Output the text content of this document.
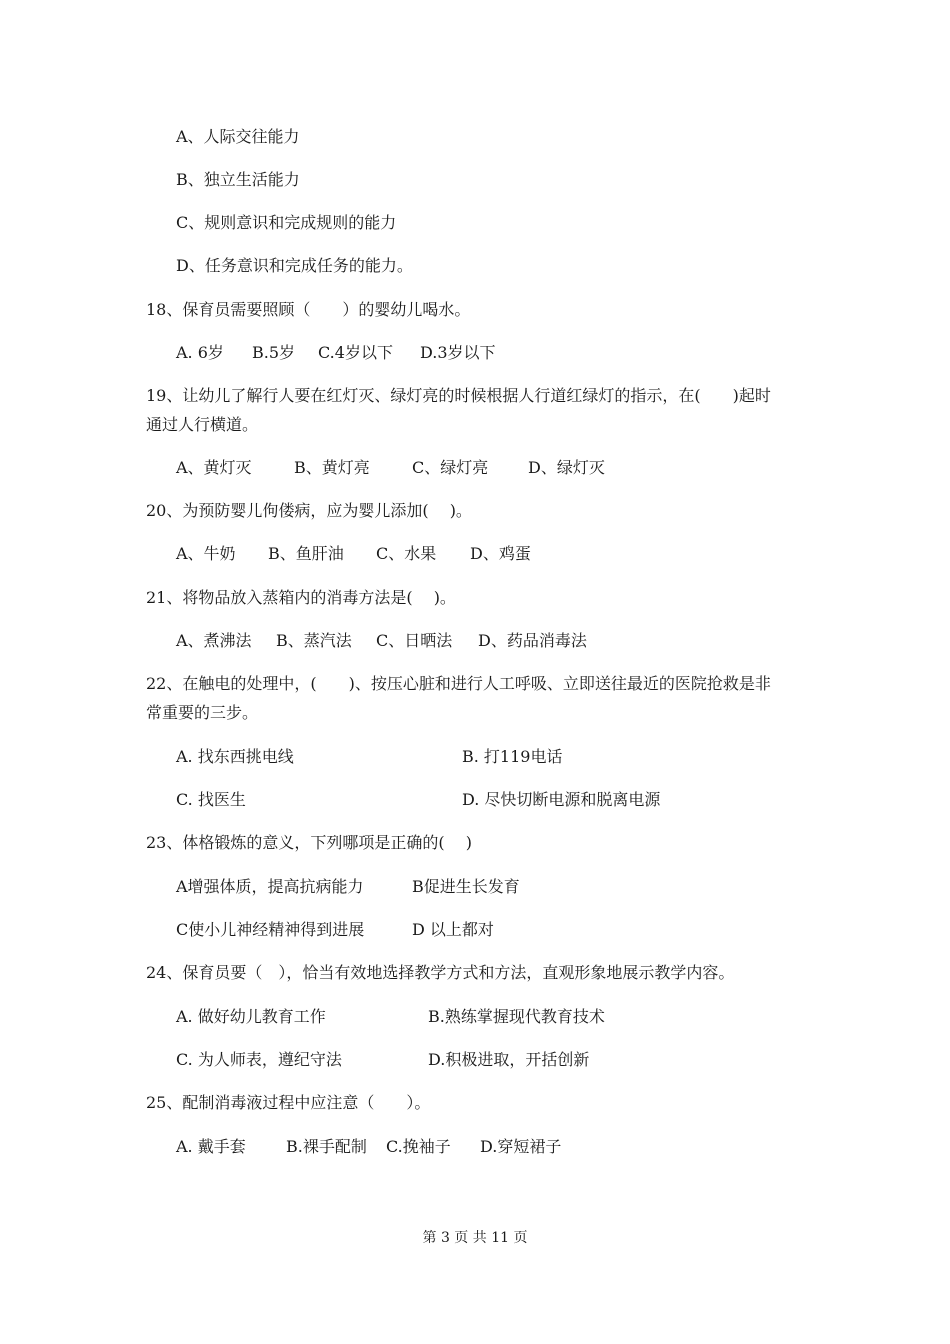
A、人际交往能力
B、独立生活能力
C、规则意识和完成规则的能力
D、任务意识和完成任务的能力。
18、保育员需要照顾（　　）的婴幼儿喝水。
A. 6岁 B.5岁 C.4岁以下 D.3岁以下
19、让幼儿了解行人要在红灯灭、绿灯亮的时候根据人行道红绿灯的指示，在(　　)起时
通过人行横道。
A、黄灯灭	B、黄灯亮	C、绿灯亮 D、绿灯灭
20、为预防婴儿佝偻病，应为婴儿添加(　 )。
A、牛奶 B、鱼肝油 C、水果 D、鸡蛋
21、将物品放入蒸箱内的消毒方法是(　 )。
A、煮沸法 B、蒸汽法 C、日晒法 D、药品消毒法
22、在触电的处理中，(　　)、按压心脏和进行人工呼吸、立即送往最近的医院抢救是非
常重要的三步。
A. 找东西挑电线	B. 打119电话
C. 找医生	D. 尽快切断电源和脱离电源
23、体格锻炼的意义，下列哪项是正确的(　 )
A增强体质，提高抗病能力	B促进生长发育
C使小儿神经精神得到进展	D 以上都对
24、保育员要（　），恰当有效地选择教学方式和方法，直观形象地展示教学内容。
A. 做好幼儿教育工作	B.熟练掌握现代教育技术
C. 为人师表，遵纪守法	D.积极进取，开括创新
25、配制消毒液过程中应注意（　　）。
A. 戴手套	B.裸手配制 C.挽袖子 D.穿短裙子
第 3 页 共 11 页
